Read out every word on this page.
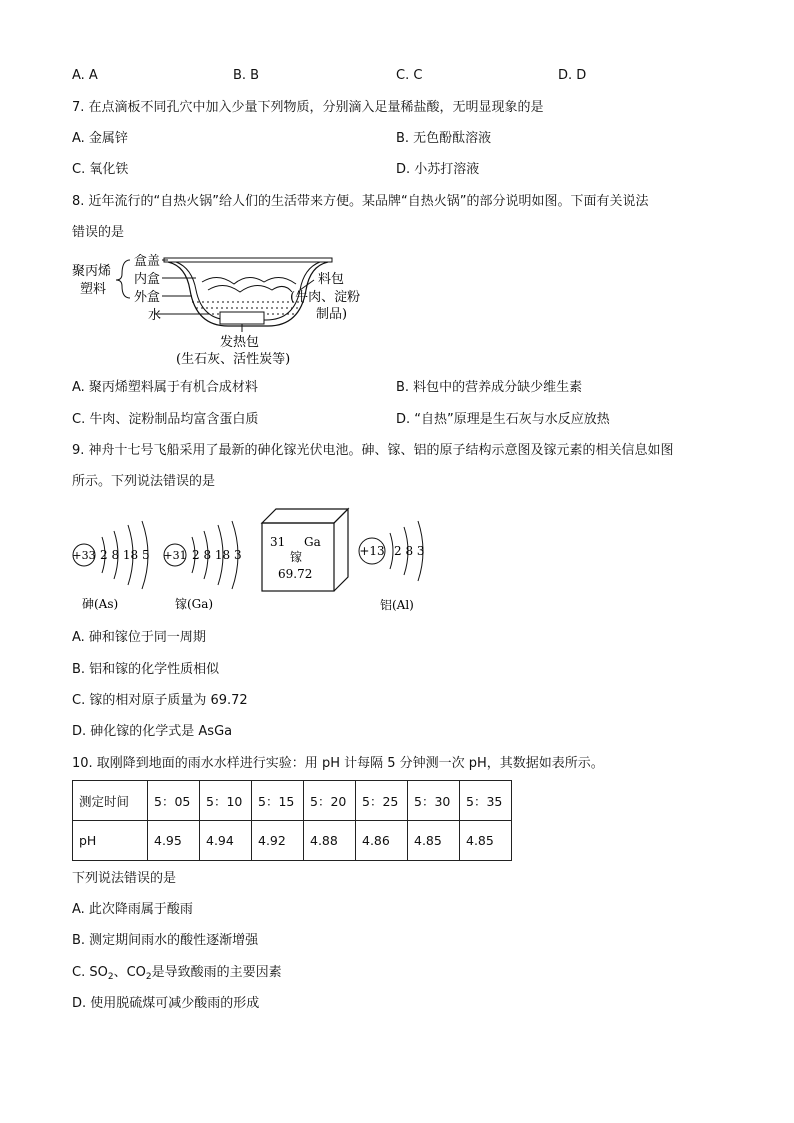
A. A	B. B	C. C	D. D
7. 在点滴板不同孔穴中加入少量下列物质，分别滴入足量稀盐酸，无明显现象的是
A. 金属锌	B. 无色酚酞溶液
C. 氧化铁	D. 小苏打溶液
8. 近年流行的“自热火锅”给人们的生活带来方便。某品牌“自热火锅”的部分说明如图。下面有关说法
错误的是
聚丙烯
塑料
盒盖
内盒
外盒
水
料包
(牛肉、淀粉
制品)
发热包
(生石灰、活性炭等)
A. 聚丙烯塑料属于有机合成材料	B. 料包中的营养成分缺少维生素
C. 牛肉、淀粉制品均富含蛋白质	D. “自热”原理是生石灰与水反应放热
9. 神舟十七号飞船采用了最新的砷化镓光伏电池。砷、镓、铝的原子结构示意图及镓元素的相关信息如图
所示。下列说法错误的是
+33 2 8 18 5
砷(As)
+31 2 8 18 3
镓(Ga)
31 Ga
镓
69.72
+13 2 8 3
铝(Al)
A. 砷和镓位于同一周期
B. 铝和镓的化学性质相似
C. 镓的相对原子质量为 69.72
D. 砷化镓的化学式是 AsGa
10. 取刚降到地面的雨水水样进行实验：用 pH 计每隔 5 分钟测一次 pH，其数据如表所示。
测定时间	5：05	5：10	5：15	5：20	5：25	5：30	5：35
pH	4.95	4.94	4.92	4.88	4.86	4.85	4.85
下列说法错误的是
A. 此次降雨属于酸雨
B. 测定期间雨水的酸性逐渐增强
C. $SO_2$、$CO_2$是导致酸雨的主要因素
D. 使用脱硫煤可减少酸雨的形成
